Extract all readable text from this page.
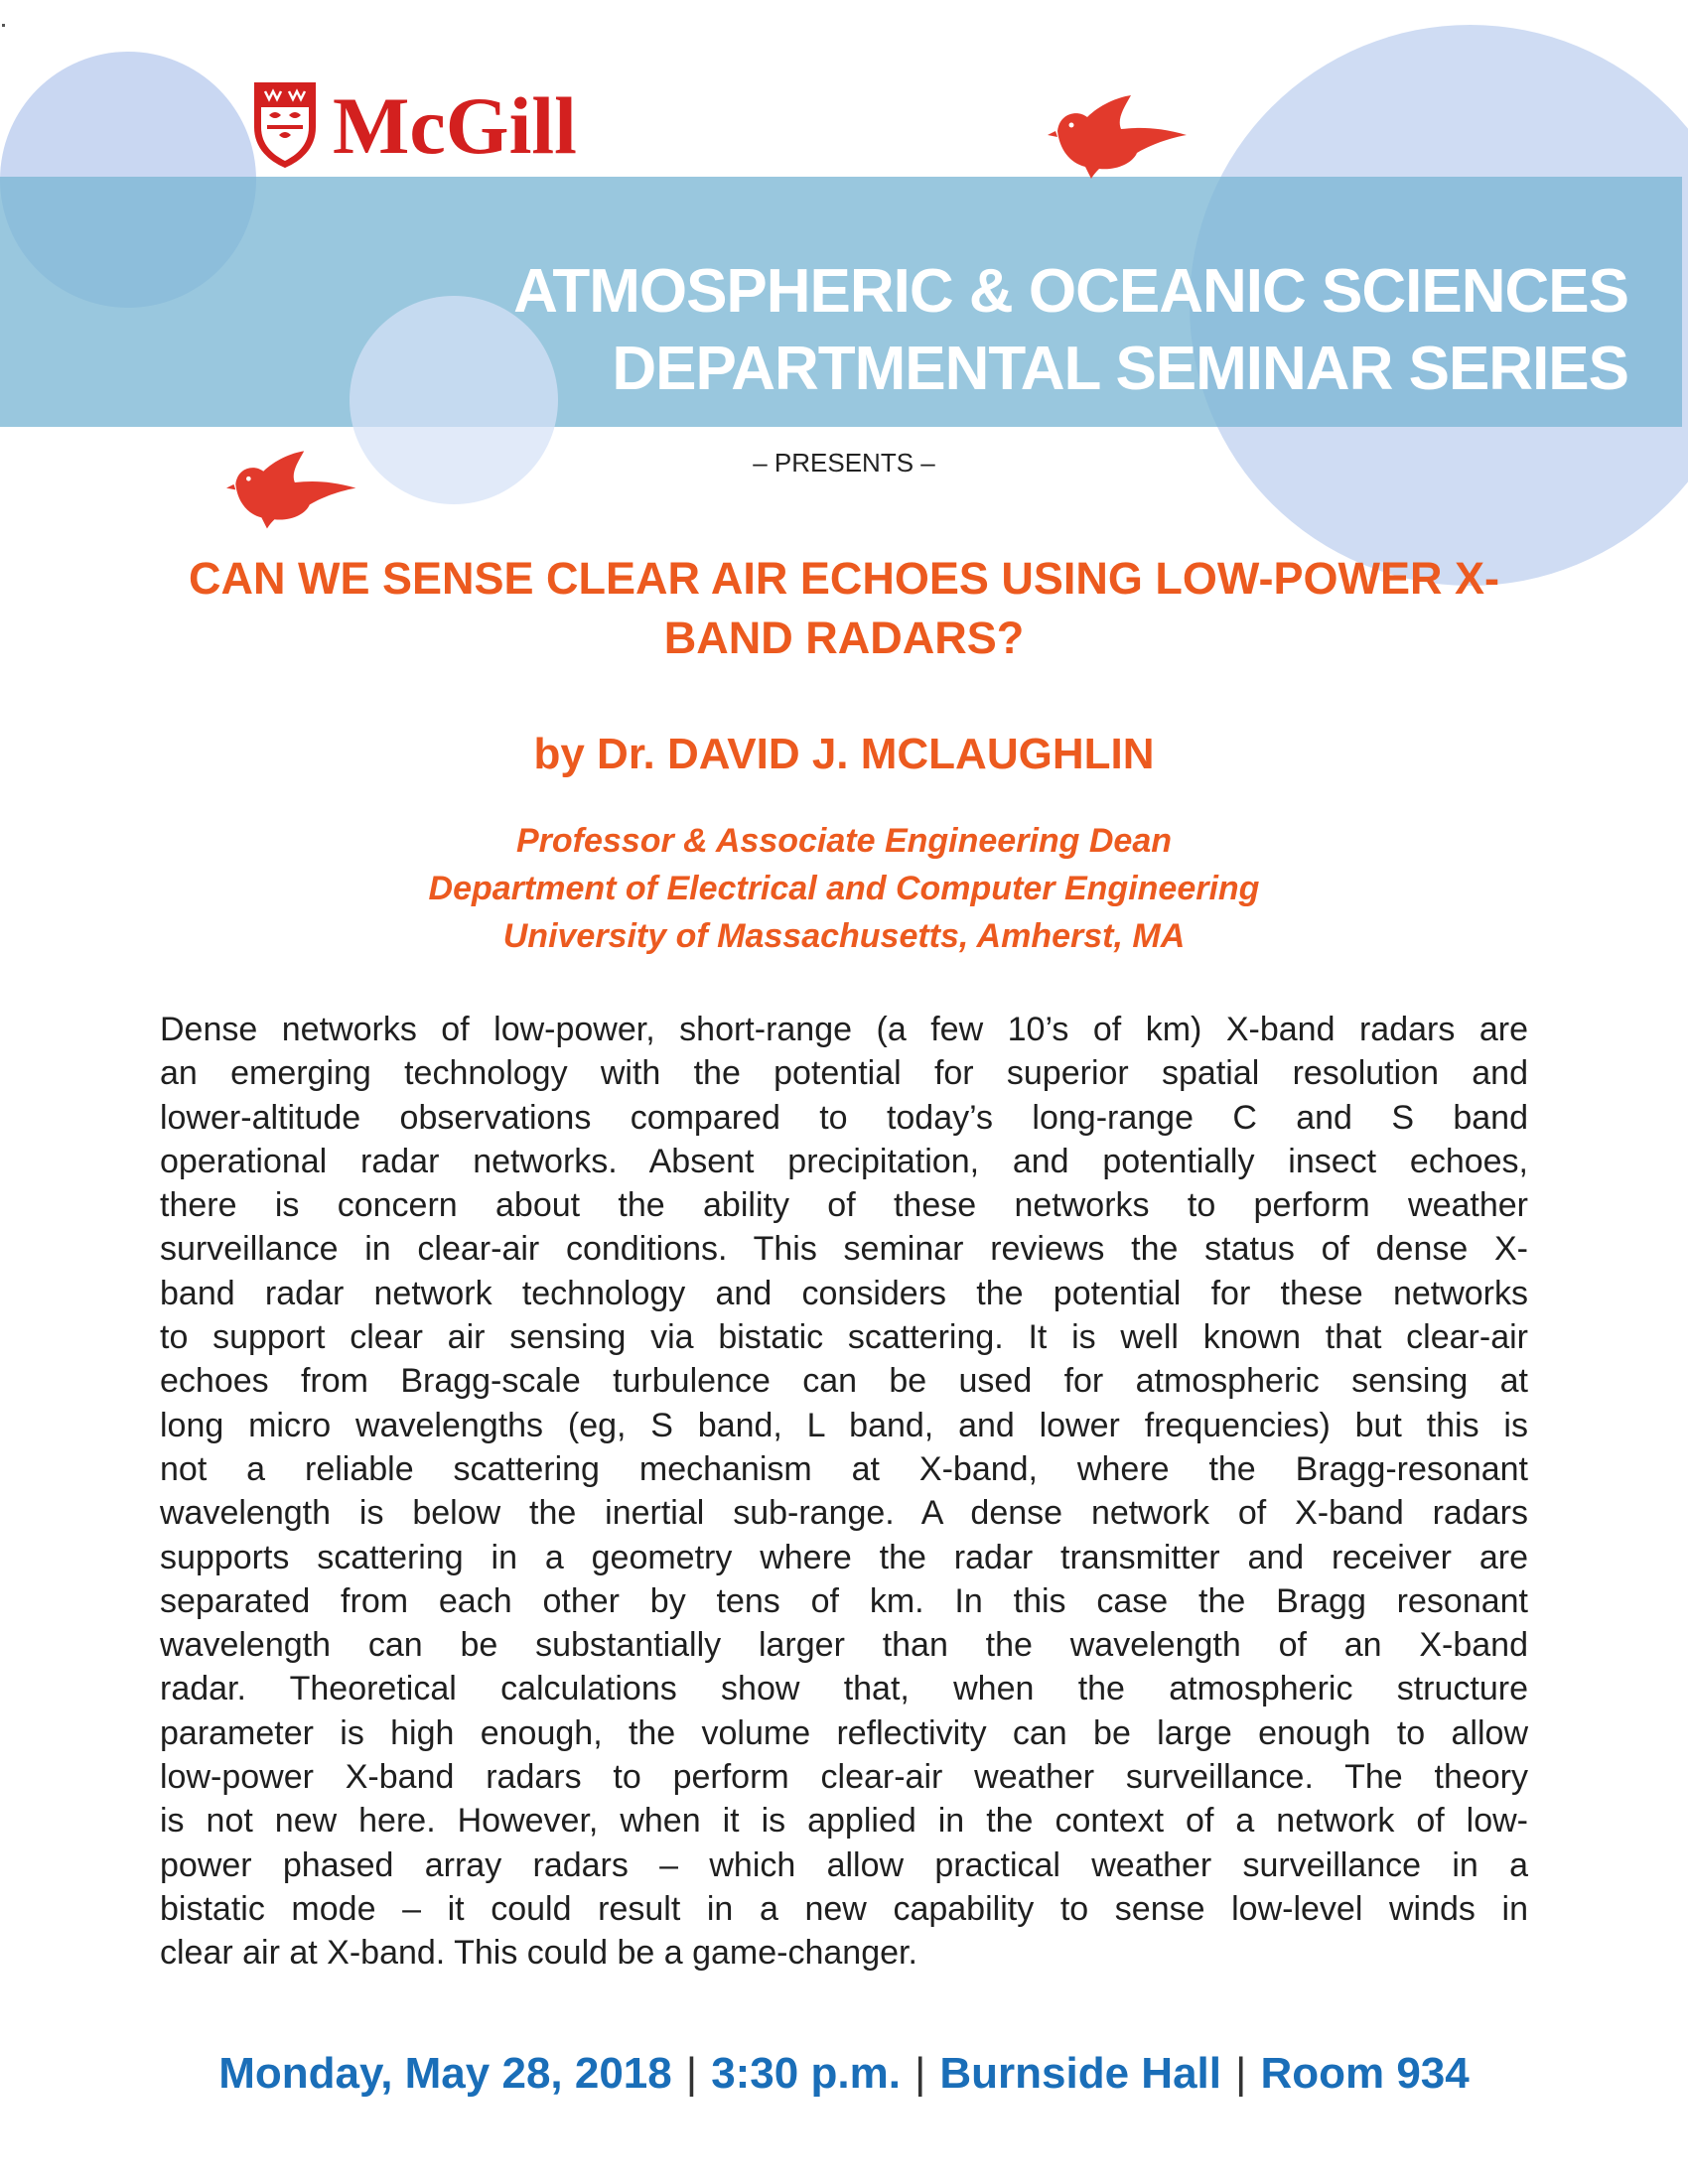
McGill
ATMOSPHERIC & OCEANIC SCIENCES
DEPARTMENTAL SEMINAR SERIES
– PRESENTS –
CAN WE SENSE CLEAR AIR ECHOES USING LOW-POWER X-
BAND RADARS?
by Dr. DAVID J. MCLAUGHLIN
Professor & Associate Engineering Dean
Department of Electrical and Computer Engineering
University of Massachusetts, Amherst, MA
Dense networks of low-power, short-range (a few 10’s of km) X-band radars are
an emerging technology with the potential for superior spatial resolution and
lower-altitude observations compared to today’s long-range C and S band
operational radar networks. Absent precipitation, and potentially insect echoes,
there is concern about the ability of these networks to perform weather
surveillance in clear-air conditions. This seminar reviews the status of dense X-
band radar network technology and considers the potential for these networks
to support clear air sensing via bistatic scattering. It is well known that clear-air
echoes from Bragg-scale turbulence can be used for atmospheric sensing at
long micro wavelengths (eg, S band, L band, and lower frequencies) but this is
not a reliable scattering mechanism at X-band, where the Bragg-resonant
wavelength is below the inertial sub-range. A dense network of X-band radars
supports scattering in a geometry where the radar transmitter and receiver are
separated from each other by tens of km. In this case the Bragg resonant
wavelength can be substantially larger than the wavelength of an X-band
radar. Theoretical calculations show that, when the atmospheric structure
parameter is high enough, the volume reflectivity can be large enough to allow
low-power X-band radars to perform clear-air weather surveillance. The theory
is not new here. However, when it is applied in the context of a network of low-
power phased array radars – which allow practical weather surveillance in a
bistatic mode – it could result in a new capability to sense low-level winds in
clear air at X-band. This could be a game-changer.
Monday, May 28, 2018 | 3:30 p.m. | Burnside Hall | Room 934
